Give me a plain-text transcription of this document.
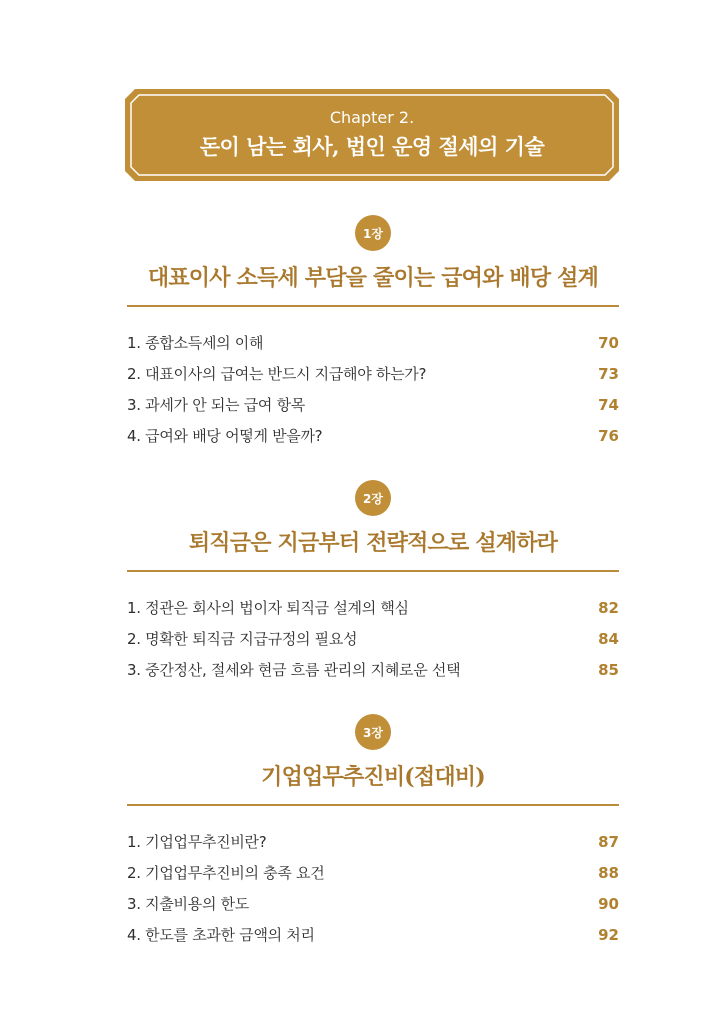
Chapter 2.
돈이 남는 회사, 법인 운영 절세의 기술
1장
대표이사 소득세 부담을 줄이는 급여와 배당 설계
1. 종합소득세의 이해	70
2. 대표이사의 급여는 반드시 지급해야 하는가?	73
3. 과세가 안 되는 급여 항목	74
4. 급여와 배당 어떻게 받을까?	76
2장
퇴직금은 지금부터 전략적으로 설계하라
1. 정관은 회사의 법이자 퇴직금 설계의 핵심	82
2. 명확한 퇴직금 지급규정의 필요성	84
3. 중간정산, 절세와 현금 흐름 관리의 지혜로운 선택	85
3장
기업업무추진비(접대비)
1. 기업업무추진비란?	87
2. 기업업무추진비의 충족 요건	88
3. 지출비용의 한도	90
4. 한도를 초과한 금액의 처리	92
